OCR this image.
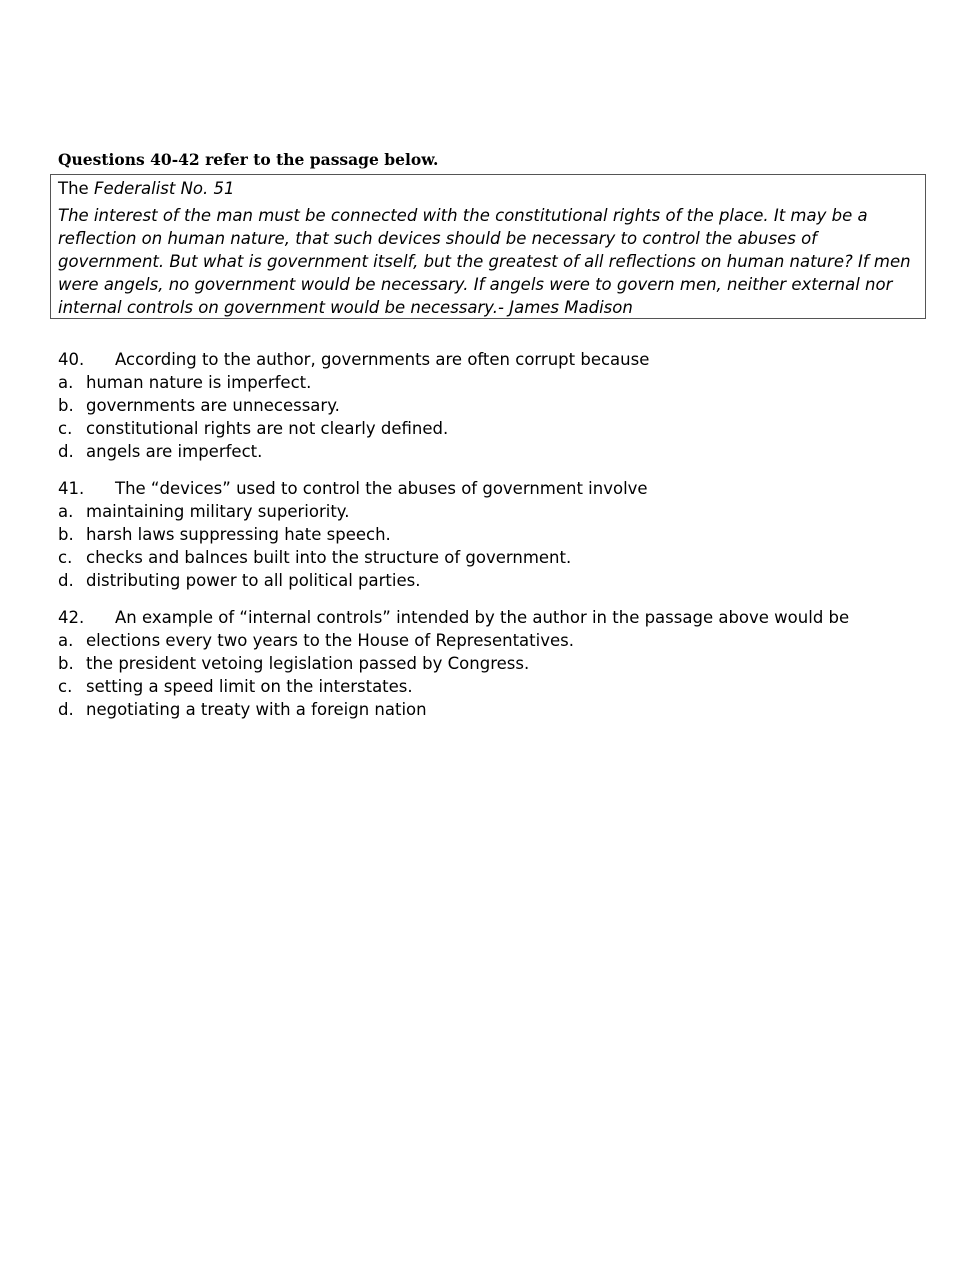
Questions 40-42 refer to the passage below.
The Federalist No. 51
The interest of the man must be connected with the constitutional rights of the place. It may be a reflection on human nature, that such devices should be necessary to control the abuses of government. But what is government itself, but the greatest of all reflections on human nature? If men were angels, no government would be necessary. If angels were to govern men, neither external nor internal controls on government would be necessary.- James Madison
40. According to the author, governments are often corrupt because
a. human nature is imperfect.
b. governments are unnecessary.
c. constitutional rights are not clearly defined.
d. angels are imperfect.
41. The “devices” used to control the abuses of government involve
a. maintaining military superiority.
b. harsh laws suppressing hate speech.
c. checks and balnces built into the structure of government.
d. distributing power to all political parties.
42. An example of “internal controls” intended by the author in the passage above would be
a. elections every two years to the House of Representatives.
b. the president vetoing legislation passed by Congress.
c. setting a speed limit on the interstates.
d. negotiating a treaty with a foreign nation
